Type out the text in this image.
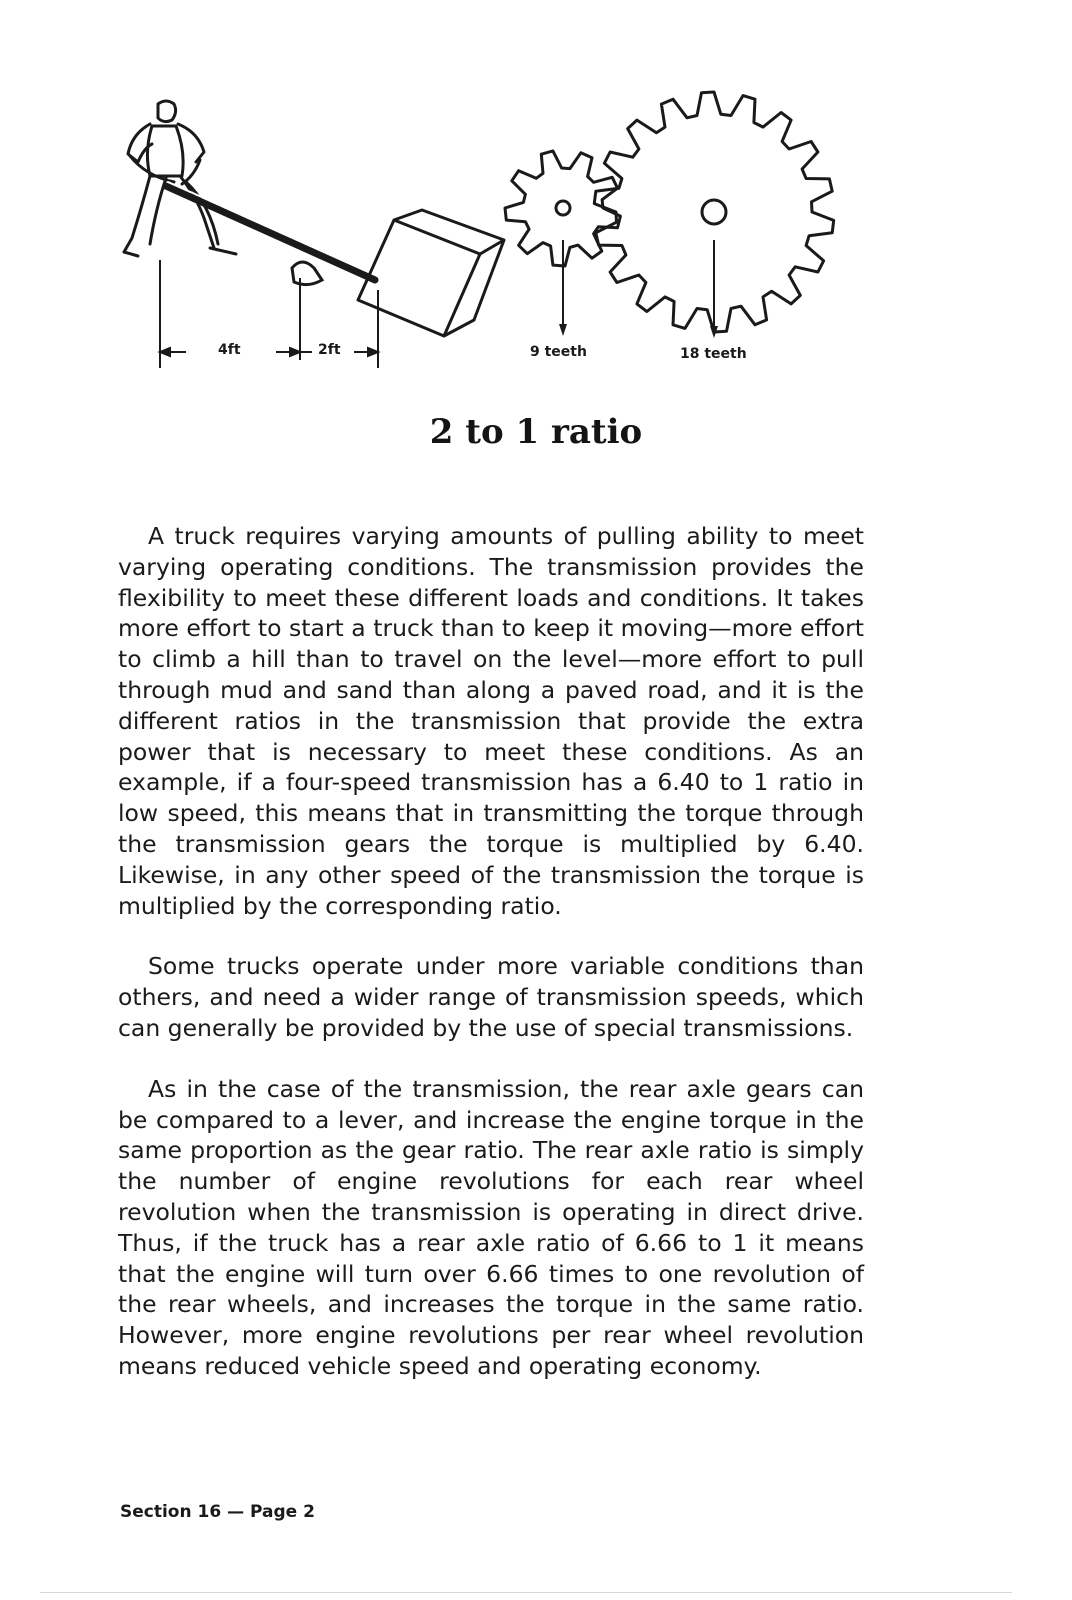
4ft	2ft	9 teeth	18 teeth
2 to 1 ratio

A truck requires varying amounts of pulling ability to meet varying operating conditions. The transmission provides the flexibility to meet these different loads and conditions. It takes more effort to start a truck than to keep it moving—more effort to climb a hill than to travel on the level—more effort to pull through mud and sand than along a paved road, and it is the different ratios in the transmission that provide the extra power that is necessary to meet these conditions. As an example, if a four-speed transmission has a 6.40 to 1 ratio in low speed, this means that in transmitting the torque through the transmission gears the torque is multiplied by 6.40. Likewise, in any other speed of the transmission the torque is multiplied by the corresponding ratio.

Some trucks operate under more variable conditions than others, and need a wider range of transmission speeds, which can generally be provided by the use of special transmissions.

As in the case of the transmission, the rear axle gears can be compared to a lever, and increase the engine torque in the same proportion as the gear ratio. The rear axle ratio is simply the number of engine revolutions for each rear wheel revolution when the transmission is operating in direct drive. Thus, if the truck has a rear axle ratio of 6.66 to 1 it means that the engine will turn over 6.66 times to one revolution of the rear wheels, and increases the torque in the same ratio. However, more engine revolutions per rear wheel revolution means reduced vehicle speed and operating economy.

Section 16 — Page 2
